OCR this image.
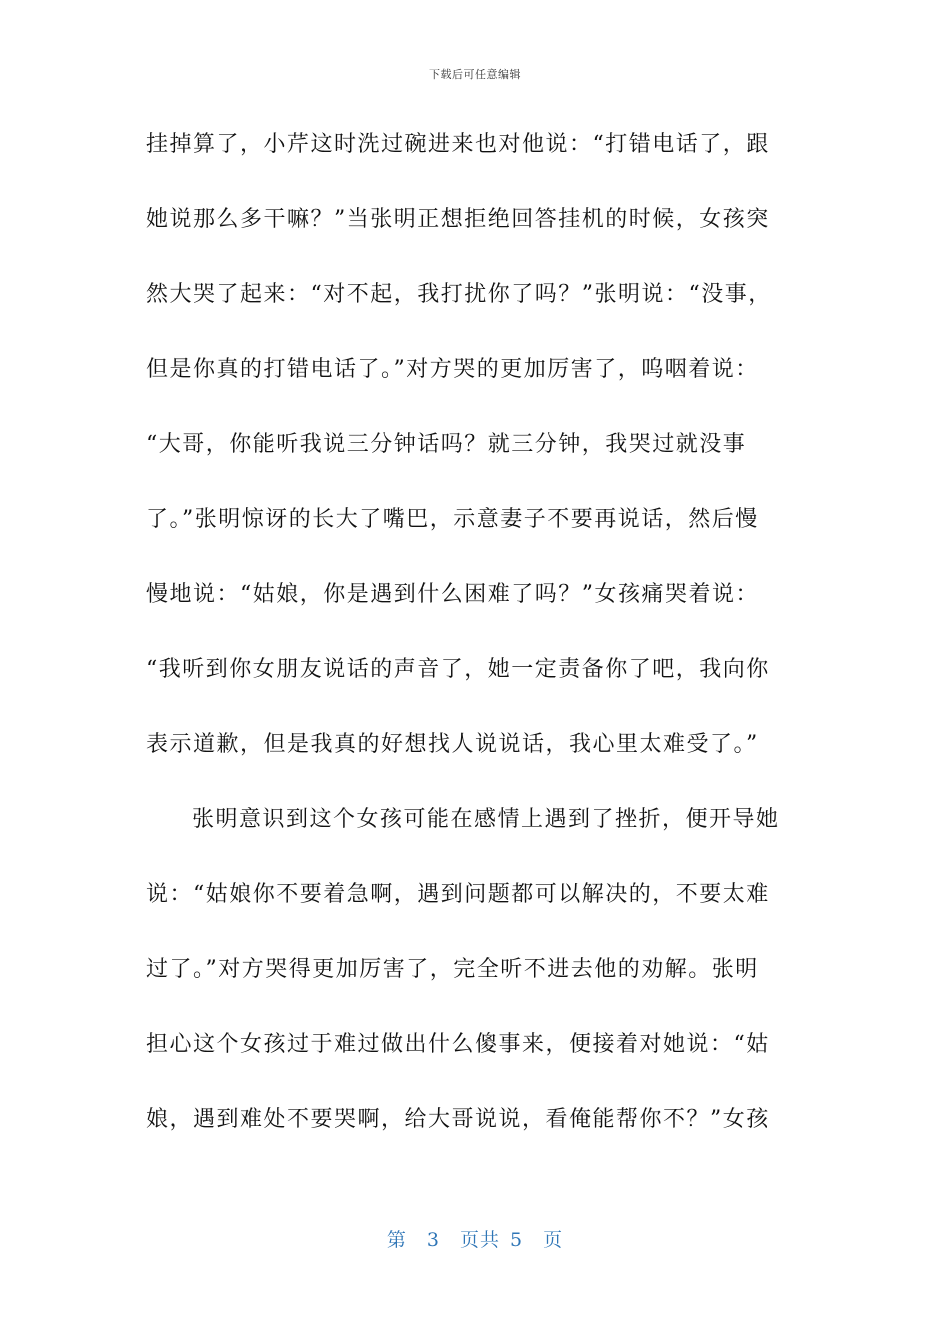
下载后可任意编辑
挂掉算了，小芹这时洗过碗进来也对他说：“打错电话了，跟
她说那么多干嘛？”当张明正想拒绝回答挂机的时候，女孩突
然大哭了起来：“对不起，我打扰你了吗？”张明说：“没事，
但是你真的打错电话了。”对方哭的更加厉害了，呜咽着说：
“大哥，你能听我说三分钟话吗？就三分钟，我哭过就没事
了。”张明惊讶的长大了嘴巴，示意妻子不要再说话，然后慢
慢地说：“姑娘，你是遇到什么困难了吗？”女孩痛哭着说：
“我听到你女朋友说话的声音了，她一定责备你了吧，我向你
表示道歉，但是我真的好想找人说说话，我心里太难受了。”
张明意识到这个女孩可能在感情上遇到了挫折，便开导她
说：“姑娘你不要着急啊，遇到问题都可以解决的，不要太难
过了。”对方哭得更加厉害了，完全听不进去他的劝解。张明
担心这个女孩过于难过做出什么傻事来，便接着对她说：“姑
娘，遇到难处不要哭啊，给大哥说说，看俺能帮你不？”女孩
第 3 页共 5 页
